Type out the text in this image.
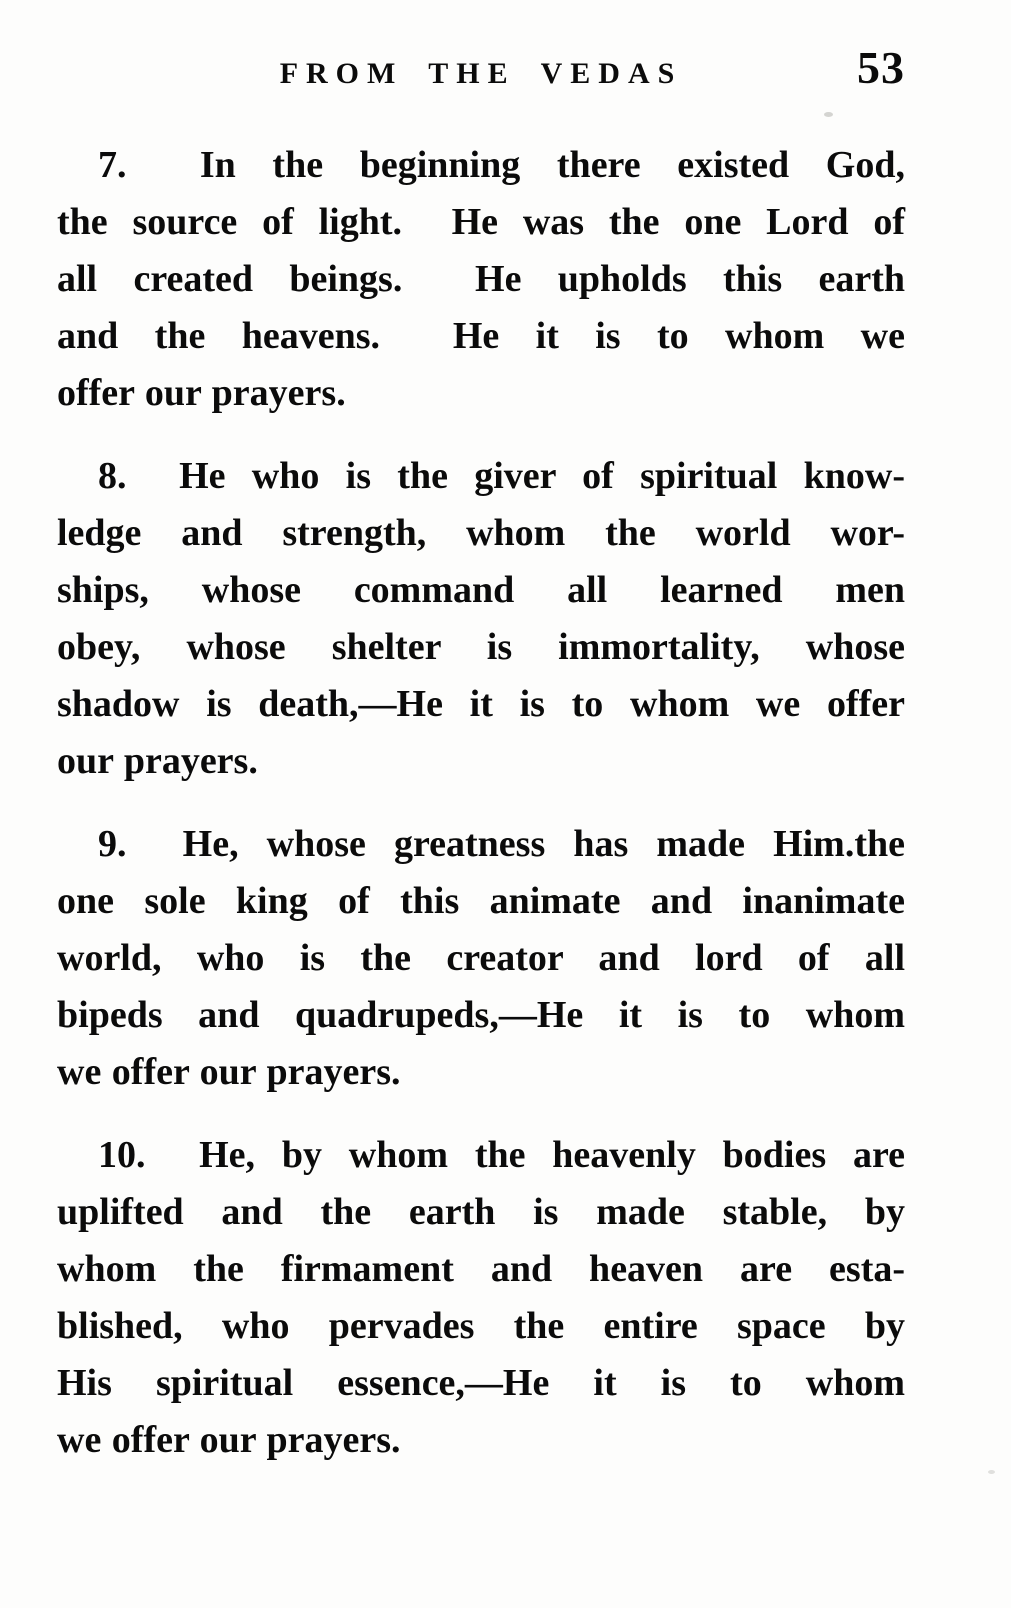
FROM THE VEDAS	53
7.  In the beginning there existed God,
the source of light.  He was the one Lord of
all created beings.  He upholds this earth
and the heavens.  He it is to whom we
offer our prayers.
8.  He who is the giver of spiritual know-
ledge and strength, whom the world wor-
ships, whose command all learned men
obey, whose shelter is immortality, whose
shadow is death,—He it is to whom we offer
our prayers.
9.  He, whose greatness has made Him.the
one sole king of this animate and inanimate
world, who is the creator and lord of all
bipeds and quadrupeds,—He it is to whom
we offer our prayers.
10.  He, by whom the heavenly bodies are
uplifted and the earth is made stable, by
whom the firmament and heaven are esta-
blished, who pervades the entire space by
His spiritual essence,—He it is to whom
we offer our prayers.
